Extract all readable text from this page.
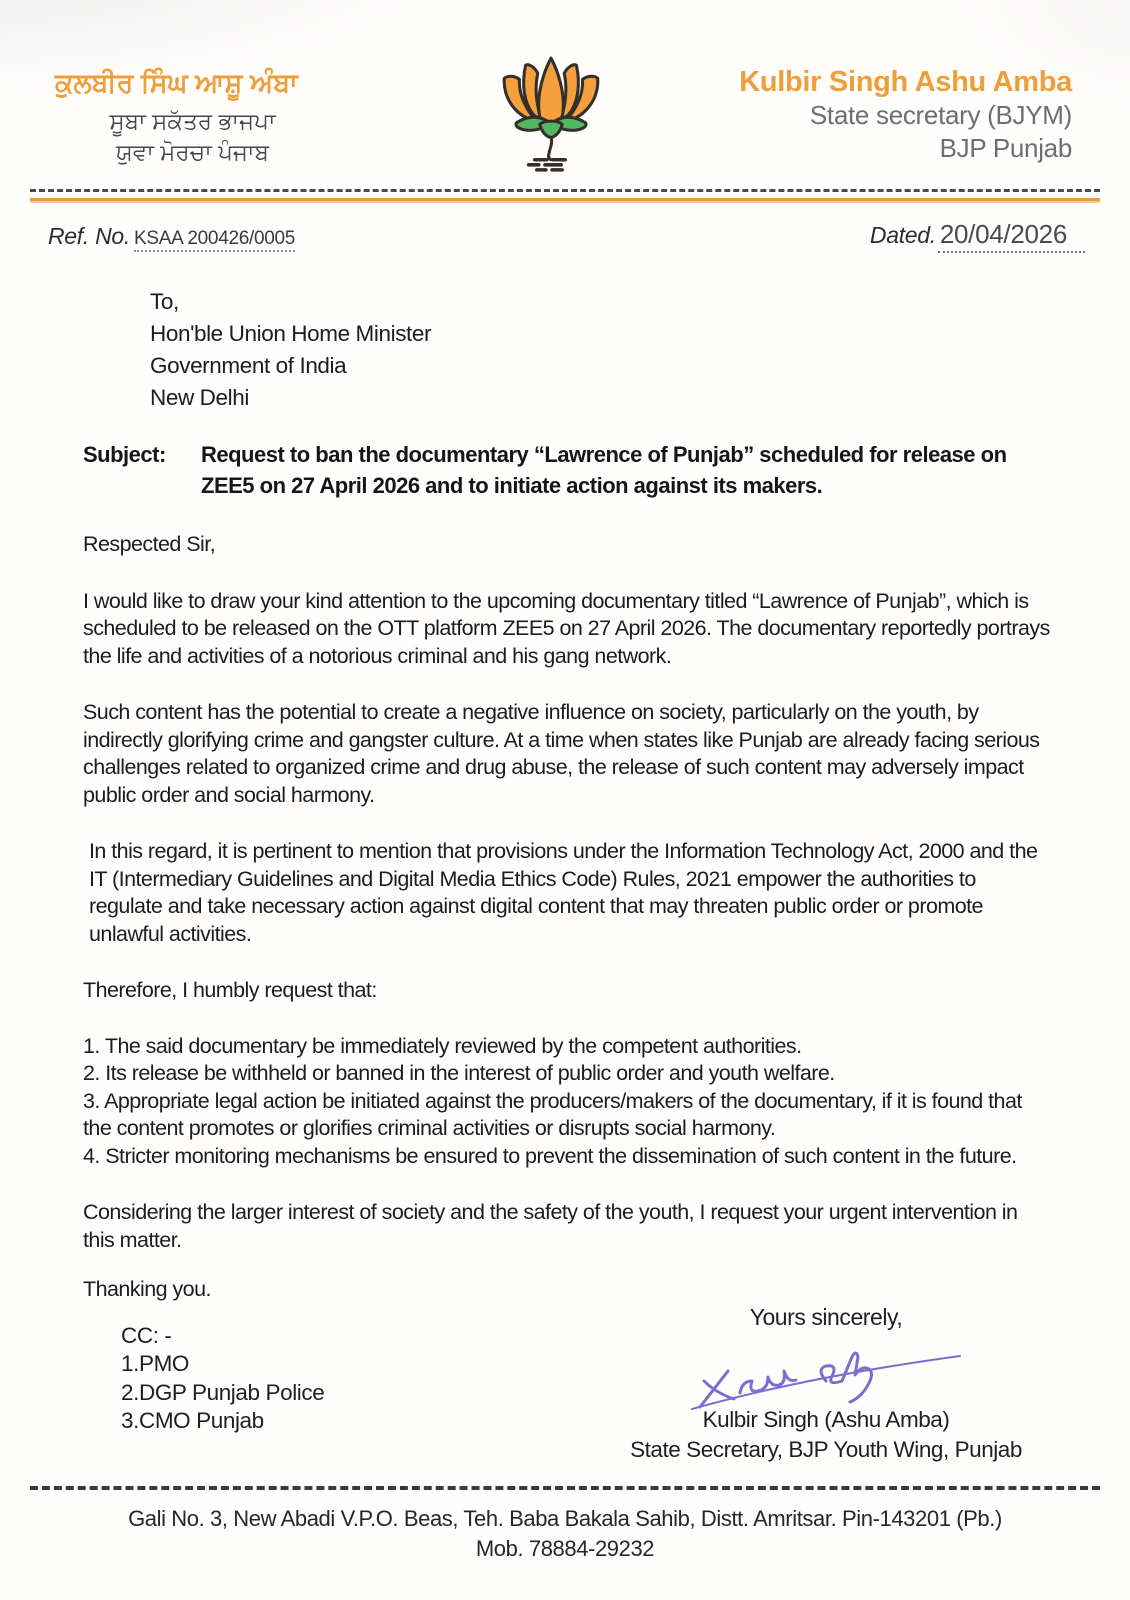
ਕੁਲਬੀਰ ਸਿੰਘ ਆਸ਼ੂ ਅੰਬਾ
ਸੂਬਾ ਸਕੱਤਰ ਭਾਜਪਾ
ਯੁਵਾ ਮੋਰਚਾ ਪੰਜਾਬ
Kulbir Singh Ashu Amba
State secretary (BJYM)
BJP Punjab
Ref. No. KSAA 200426/0005	Dated. 20/04/2026
To,
Hon'ble Union Home Minister
Government of India
New Delhi
Subject:	Request to ban the documentary “Lawrence of Punjab” scheduled for release on ZEE5 on 27 April 2026 and to initiate action against its makers.
Respected Sir,
I would like to draw your kind attention to the upcoming documentary titled “Lawrence of Punjab”, which is scheduled to be released on the OTT platform ZEE5 on 27 April 2026. The documentary reportedly portrays the life and activities of a notorious criminal and his gang network.
Such content has the potential to create a negative influence on society, particularly on the youth, by indirectly glorifying crime and gangster culture. At a time when states like Punjab are already facing serious challenges related to organized crime and drug abuse, the release of such content may adversely impact public order and social harmony.
In this regard, it is pertinent to mention that provisions under the Information Technology Act, 2000 and the IT (Intermediary Guidelines and Digital Media Ethics Code) Rules, 2021 empower the authorities to regulate and take necessary action against digital content that may threaten public order or promote unlawful activities.
Therefore, I humbly request that:
1. The said documentary be immediately reviewed by the competent authorities.
2. Its release be withheld or banned in the interest of public order and youth welfare.
3. Appropriate legal action be initiated against the producers/makers of the documentary, if it is found that the content promotes or glorifies criminal activities or disrupts social harmony.
4. Stricter monitoring mechanisms be ensured to prevent the dissemination of such content in the future.
Considering the larger interest of society and the safety of the youth, I request your urgent intervention in this matter.
Thanking you.
CC: -
1.PMO
2.DGP Punjab Police
3.CMO Punjab
Yours sincerely,
Kulbir Singh (Ashu Amba)
State Secretary, BJP Youth Wing, Punjab
Gali No. 3, New Abadi V.P.O. Beas, Teh. Baba Bakala Sahib, Distt. Amritsar. Pin-143201 (Pb.)
Mob. 78884-29232
